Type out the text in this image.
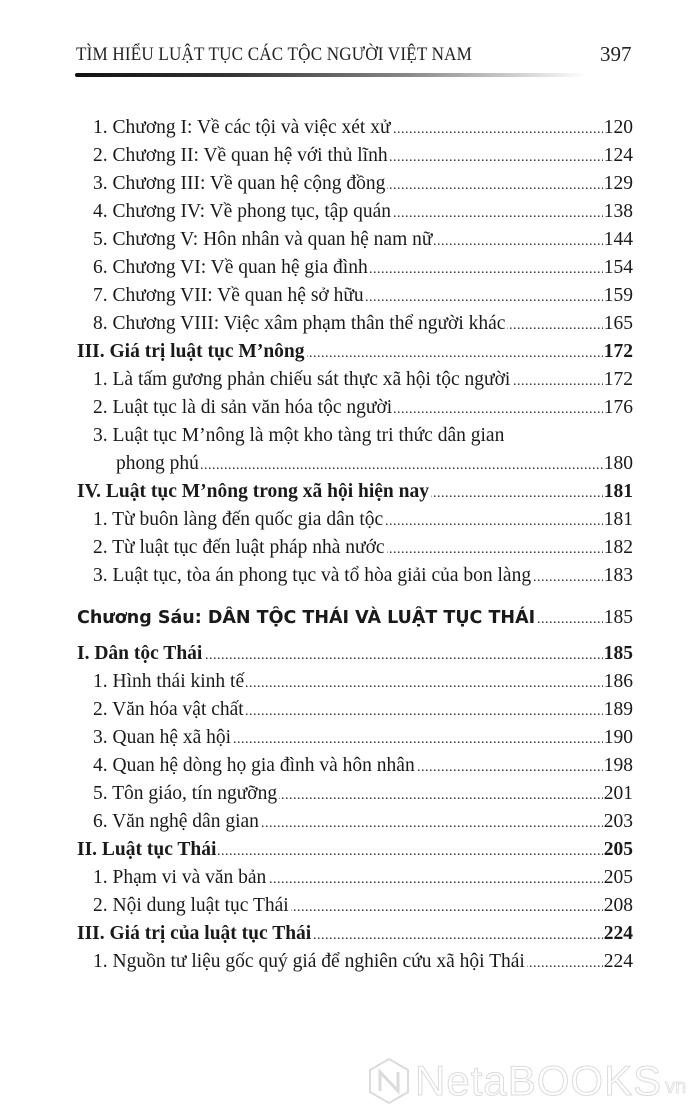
TÌM HIỂU LUẬT TỤC CÁC TỘC NGƯỜI VIỆT NAM	397
.....
1. Chương I: Về các tội và việc xét xử	120
.....
2. Chương II: Về quan hệ với thủ lĩnh	124
.....
3. Chương III: Về quan hệ cộng đồng	129
.....
4. Chương IV: Về phong tục, tập quán	138
.....
5. Chương V: Hôn nhân và quan hệ nam nữ	144
.....
6. Chương VI: Về quan hệ gia đình	154
.....
7. Chương VII: Về quan hệ sở hữu	159
.....
8. Chương VIII: Việc xâm phạm thân thể người khác	165
.....
III. Giá trị luật tục M’nông	172
.....
1. Là tấm gương phản chiếu sát thực xã hội tộc người	172
.....
2. Luật tục là di sản văn hóa tộc người	176
3. Luật tục M’nông là một kho tàng tri thức dân gian
.....
phong phú	180
.....
IV. Luật tục M’nông trong xã hội hiện nay	181
.....
1. Từ buôn làng đến quốc gia dân tộc	181
.....
2. Từ luật tục đến luật pháp nhà nước	182
.....
3. Luật tục, tòa án phong tục và tổ hòa giải của bon làng	183
.....
Chương Sáu: DÂN TỘC THÁI VÀ LUẬT TỤC THÁI	185
.....
I. Dân tộc Thái	185
.....
1. Hình thái kinh tế	186
.....
2. Văn hóa vật chất	189
.....
3. Quan hệ xã hội	190
.....
4. Quan hệ dòng họ gia đình và hôn nhân	198
.....
5. Tôn giáo, tín ngưỡng	201
.....
6. Văn nghệ dân gian	203
.....
II. Luật tục Thái	205
.....
1. Phạm vi và văn bản	205
.....
2. Nội dung luật tục Thái	208
.....
III. Giá trị của luật tục Thái	224
.....
1. Nguồn tư liệu gốc quý giá để nghiên cứu xã hội Thái	224
NetaBOOKS vn
